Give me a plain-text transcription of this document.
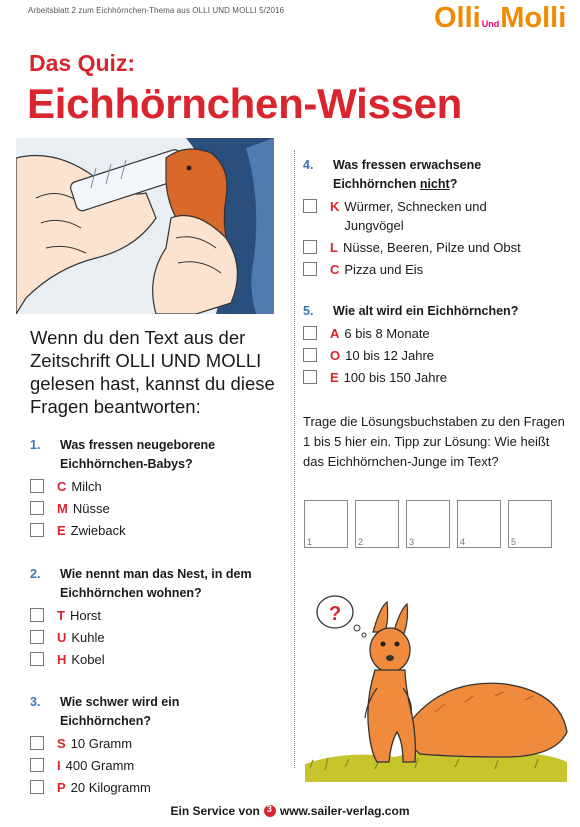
Arbeitsblatt 2 zum Eichhörnchen-Thema aus OLLI UND MOLLI 5/2016	Olli Und Molli
Das Quiz:
Eichhörnchen-Wissen
Wenn du den Text aus der Zeitschrift OLLI UND MOLLI gelesen hast, kannst du diese Fragen beantworten:
1.	Was fressen neugeborene Eichhörnchen-Babys?
C Milch
M Nüsse
E Zwieback
2.	Wie nennt man das Nest, in dem Eichhörnchen wohnen?
T Horst
U Kuhle
H Kobel
3.	Wie schwer wird ein Eichhörnchen?
S 10 Gramm
I 400 Gramm
P 20 Kilogramm
4.	Was fressen erwachsene Eichhörnchen nicht?
K Würmer, Schnecken und Jungvögel
L Nüsse, Beeren, Pilze und Obst
C Pizza und Eis
5.	Wie alt wird ein Eichhörnchen?
A 6 bis 8 Monate
O 10 bis 12 Jahre
E 100 bis 150 Jahre
Trage die Lösungsbuchstaben zu den Fragen 1 bis 5 hier ein. Tipp zur Lösung: Wie heißt das Eichhörnchen-Junge im Text?
1	2	3	4	5
?
Ein Service von
3 www.sailer-verlag.com
